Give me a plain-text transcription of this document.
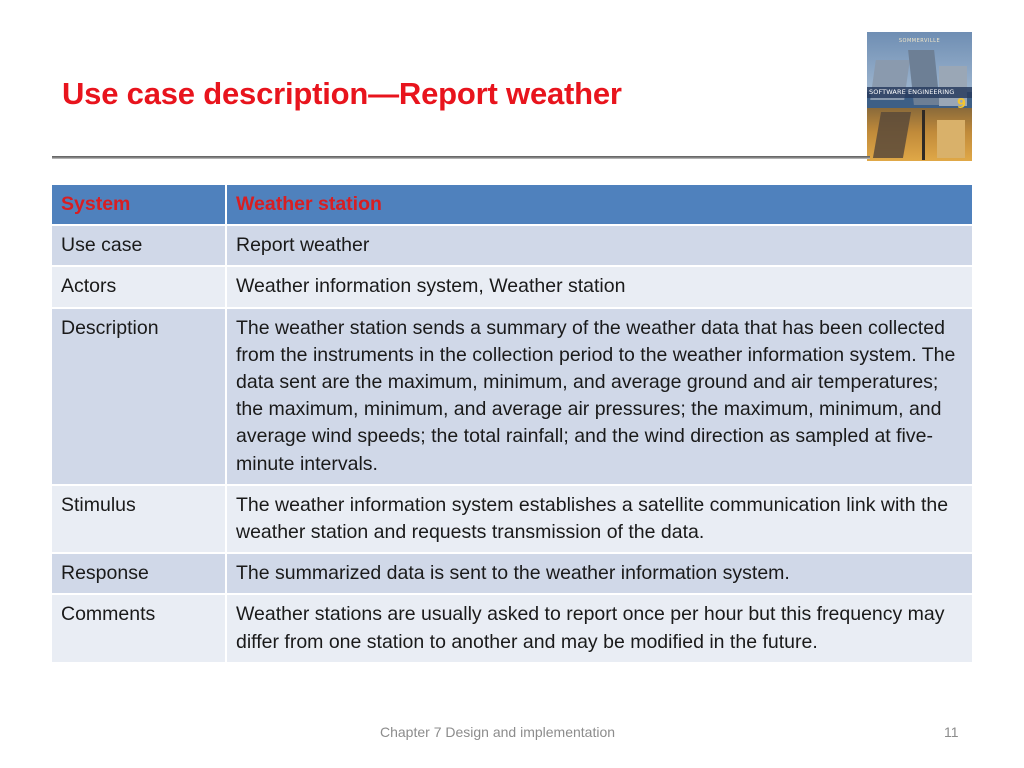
Use case description—Report weather
SOMMERVILLE
SOFTWARE ENGINEERING
9
System	Weather station
Use case	Report weather
Actors	Weather information system, Weather station
Description	The weather station sends a summary of the weather data that has been collected from the instruments in the collection period to the weather information system. The data sent are the maximum, minimum, and average ground and air temperatures; the maximum, minimum, and average air pressures; the maximum, minimum, and average wind speeds; the total rainfall; and the wind direction as sampled at five-minute intervals.
Stimulus	The weather information system establishes a satellite communication link with the weather station and requests transmission of the data.
Response	The summarized data is sent to the weather information system.
Comments	Weather stations are usually asked to report once per hour but this frequency may differ from one station to another and may be modified in the future.
Chapter 7 Design and implementation	11
